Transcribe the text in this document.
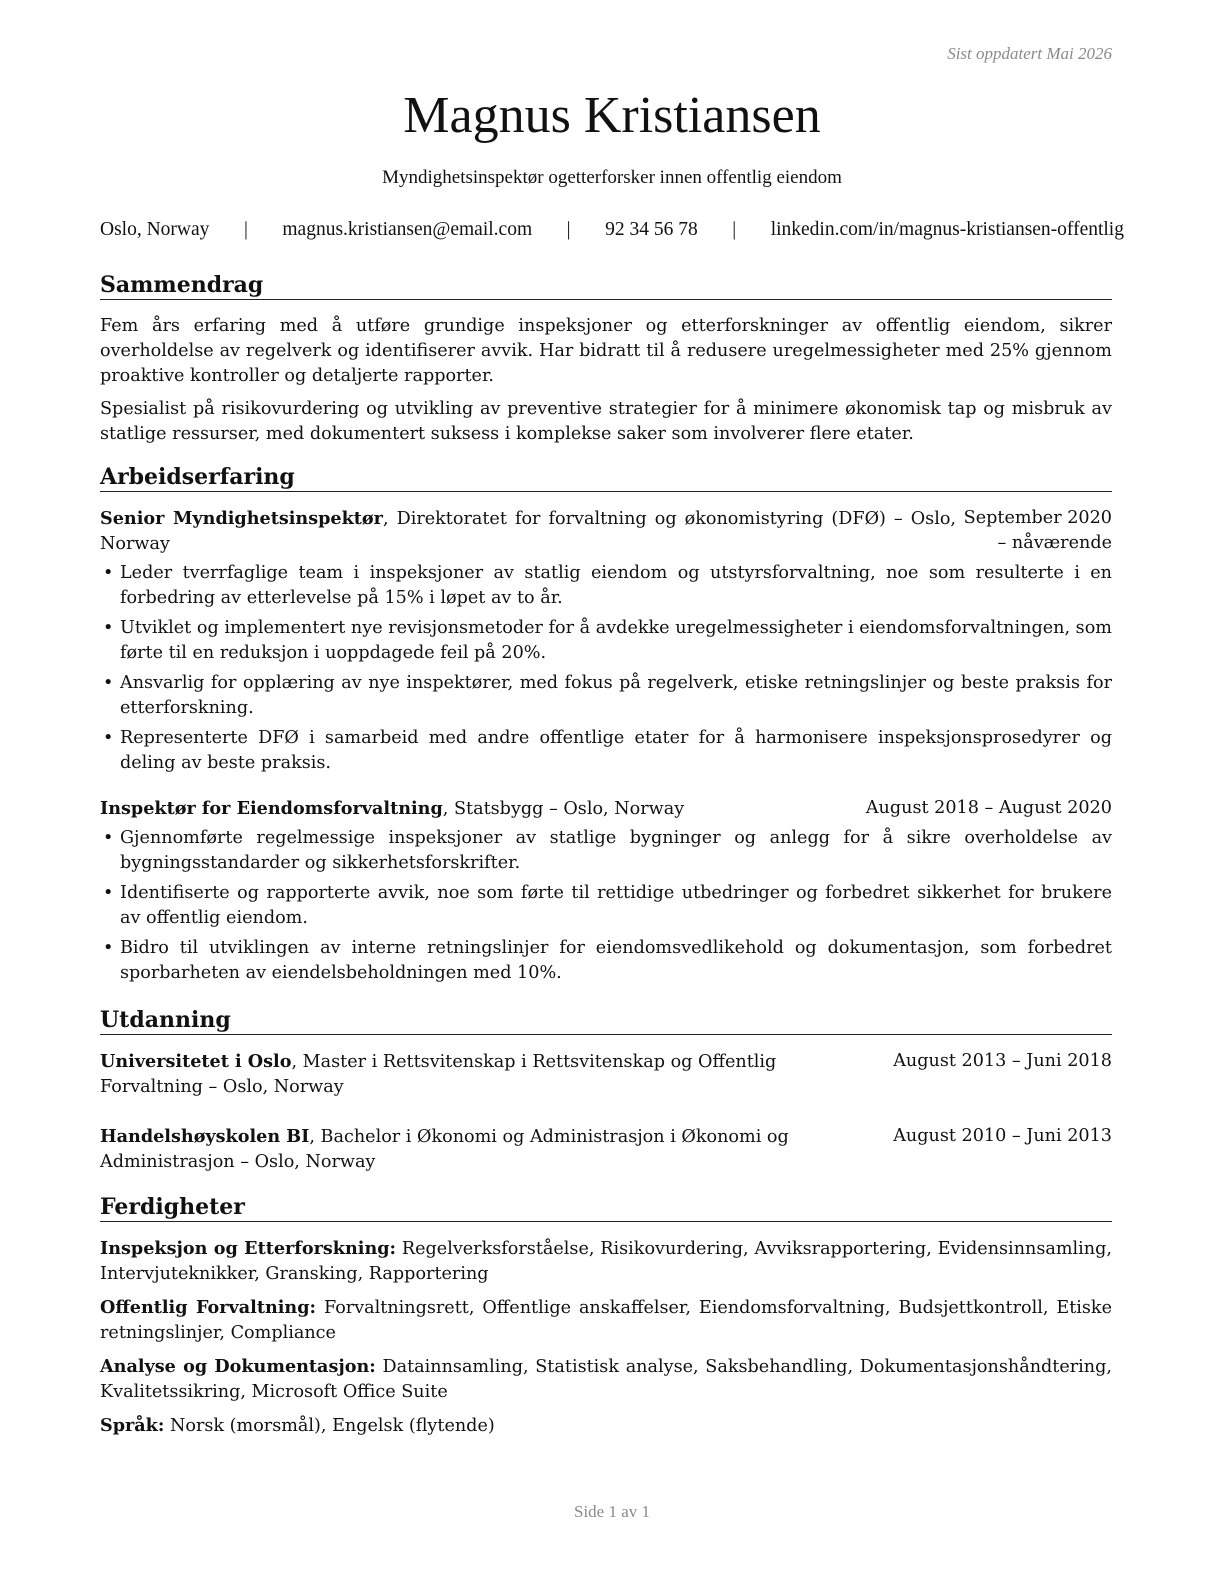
Sist oppdatert Mai 2026
Magnus Kristiansen
Myndighetsinspektør ogetterforsker innen offentlig eiendom
Oslo, Norway | magnus.kristiansen@email.com | 92 34 56 78 | linkedin.com/in/magnus-kristiansen-offentlig
Sammendrag

Fem års erfaring med å utføre grundige inspeksjoner og etterforskninger av offentlig eiendom, sikrer overholdelse av regelverk og identifiserer avvik. Har bidratt til å redusere uregelmessigheter med 25% gjennom proaktive kontroller og detaljerte rapporter.

Spesialist på risikovurdering og utvikling av preventive strategier for å minimere økonomisk tap og misbruk av statlige ressurser, med dokumentert suksess i komplekse saker som involverer flere etater.

Arbeidserfaring
Senior Myndighetsinspektør, Direktoratet for forvaltning og økonomistyring (DFØ) – Oslo, Norway
September 2020 – nåværende
• Leder tverrfaglige team i inspeksjoner av statlig eiendom og utstyrsforvaltning, noe som resulterte i en forbedring av etterlevelse på 15% i løpet av to år.
• Utviklet og implementert nye revisjonsmetoder for å avdekke uregelmessigheter i eiendomsforvaltningen, som førte til en reduksjon i uoppdagede feil på 20%.
• Ansvarlig for opplæring av nye inspektører, med fokus på regelverk, etiske retningslinjer og beste praksis for etterforskning.
• Representerte DFØ i samarbeid med andre offentlige etater for å harmonisere inspeksjonsprosedyrer og deling av beste praksis.
Inspektør for Eiendomsforvaltning, Statsbygg – Oslo, Norway	August 2018 – August 2020
• Gjennomførte regelmessige inspeksjoner av statlige bygninger og anlegg for å sikre overholdelse av bygningsstandarder og sikkerhetsforskrifter.
• Identifiserte og rapporterte avvik, noe som førte til rettidige utbedringer og forbedret sikkerhet for brukere av offentlig eiendom.
• Bidro til utviklingen av interne retningslinjer for eiendomsvedlikehold og dokumentasjon, som forbedret sporbarheten av eiendelsbeholdningen med 10%.
Utdanning
Universitetet i Oslo, Master i Rettsvitenskap i Rettsvitenskap og Offentlig Forvaltning – Oslo, Norway
August 2013 – Juni 2018
Handelshøyskolen BI, Bachelor i Økonomi og Administrasjon i Økonomi og Administrasjon – Oslo, Norway
August 2010 – Juni 2013
Ferdigheter
Inspeksjon og Etterforskning: Regelverksforståelse, Risikovurdering, Avviksrapportering, Evidensinnsamling, Intervjuteknikker, Gransking, Rapportering
Offentlig Forvaltning: Forvaltningsrett, Offentlige anskaffelser, Eiendomsforvaltning, Budsjettkontroll, Etiske retningslinjer, Compliance
Analyse og Dokumentasjon: Datainnsamling, Statistisk analyse, Saksbehandling, Dokumentasjonshåndtering, Kvalitetssikring, Microsoft Office Suite
Språk: Norsk (morsmål), Engelsk (flytende)
Side 1 av 1
